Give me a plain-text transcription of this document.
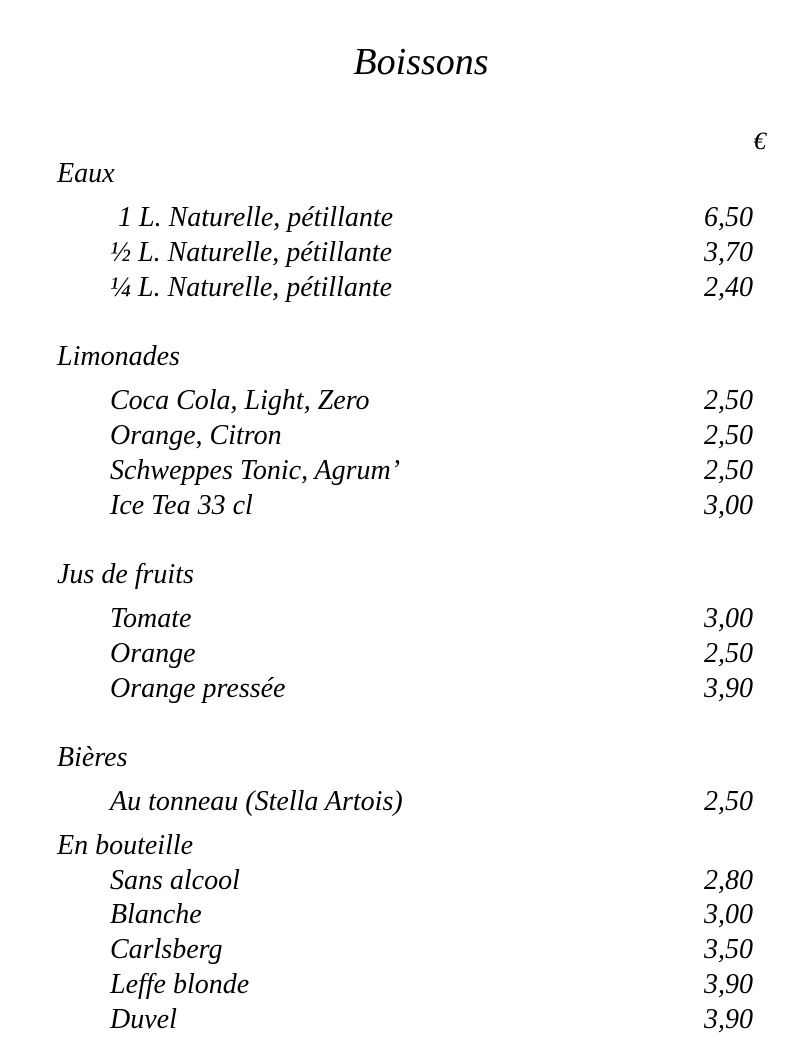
Boissons
€
Eaux
1 L. Naturelle, pétillante	6,50
½ L. Naturelle, pétillante	3,70
¼ L. Naturelle, pétillante	2,40
Limonades
Coca Cola, Light, Zero	2,50
Orange, Citron	2,50
Schweppes Tonic, Agrum’	2,50
Ice Tea 33 cl	3,00
Jus de fruits
Tomate	3,00
Orange	2,50
Orange pressée	3,90
Bières
Au tonneau (Stella Artois)	2,50
En bouteille
Sans alcool	2,80
Blanche	3,00
Carlsberg	3,50
Leffe blonde	3,90
Duvel	3,90
